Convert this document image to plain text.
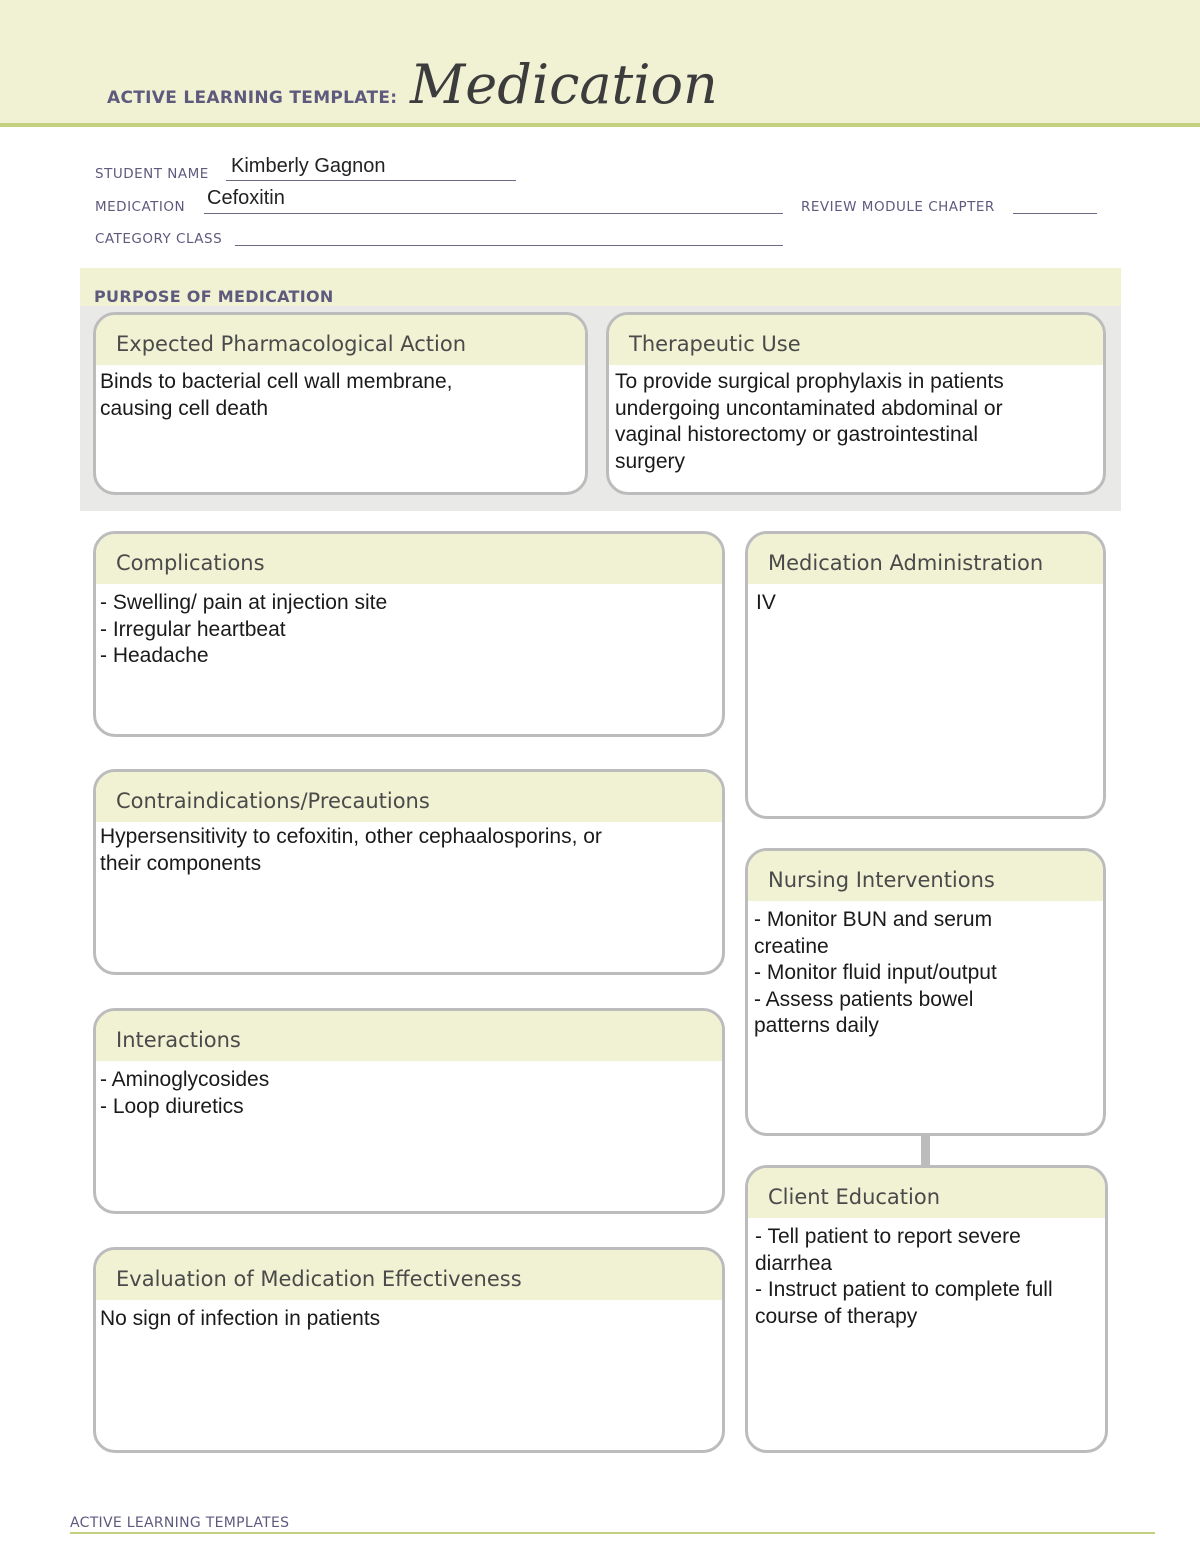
ACTIVE LEARNING TEMPLATE: Medication
STUDENT NAME Kimberly Gagnon
MEDICATION Cefoxitin	REVIEW MODULE CHAPTER
CATEGORY CLASS
PURPOSE OF MEDICATION
Expected Pharmacological Action
Binds to bacterial cell wall membrane,
causing cell death
Therapeutic Use
To provide surgical prophylaxis in patients
undergoing uncontaminated abdominal or
vaginal historectomy or gastrointestinal
surgery
Complications
- Swelling/ pain at injection site
- Irregular heartbeat
- Headache
Contraindications/Precautions
Hypersensitivity to cefoxitin, other cephaalosporins, or
their components
Interactions
- Aminoglycosides
- Loop diuretics
Evaluation of Medication Effectiveness
No sign of infection in patients
Medication Administration
IV
Nursing Interventions
- Monitor BUN and serum
creatine
- Monitor fluid input/output
- Assess patients bowel
patterns daily
Client Education
- Tell patient to report severe
diarrhea
- Instruct patient to complete full
course of therapy
ACTIVE LEARNING TEMPLATES
